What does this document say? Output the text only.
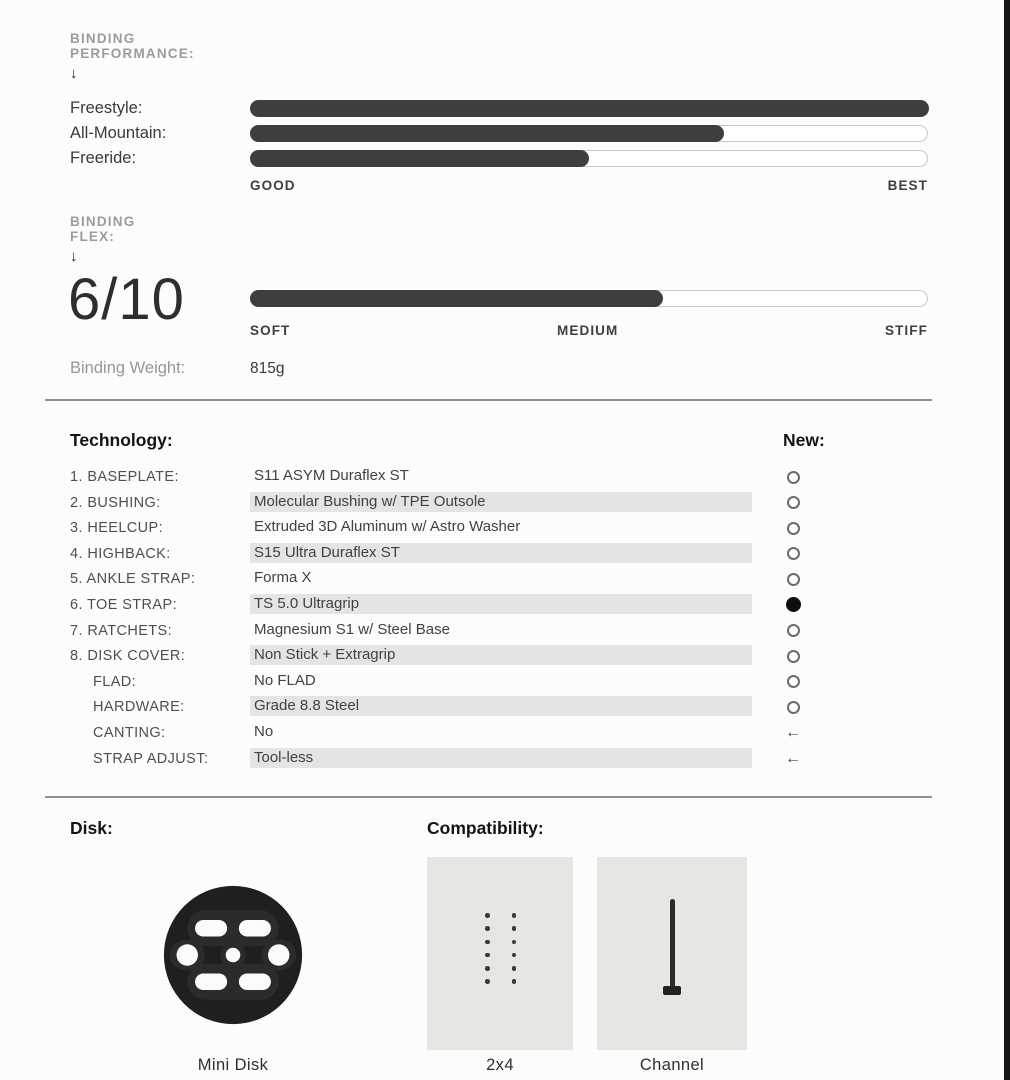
BINDING
PERFORMANCE:
↓
Freestyle:
All-Mountain:
Freeride:
GOOD	BEST
BINDING
FLEX:
↓
6/10	SOFT	MEDIUM	STIFF
Binding Weight:	815g
Technology:	New:
1. BASEPLATE:	S11 ASYM Duraflex ST
2. BUSHING:	Molecular Bushing w/ TPE Outsole
3. HEELCUP:	Extruded 3D Aluminum w/ Astro Washer
4. HIGHBACK:	S15 Ultra Duraflex ST
5. ANKLE STRAP:	Forma X
6. TOE STRAP:	TS 5.0 Ultragrip
7. RATCHETS:	Magnesium S1 w/ Steel Base
8. DISK COVER:	Non Stick + Extragrip
FLAD:	No FLAD
HARDWARE:	Grade 8.8 Steel
CANTING:	No	←
STRAP ADJUST:	Tool-less	←
Disk:
Mini Disk
Compatibility:
2x4	Channel
